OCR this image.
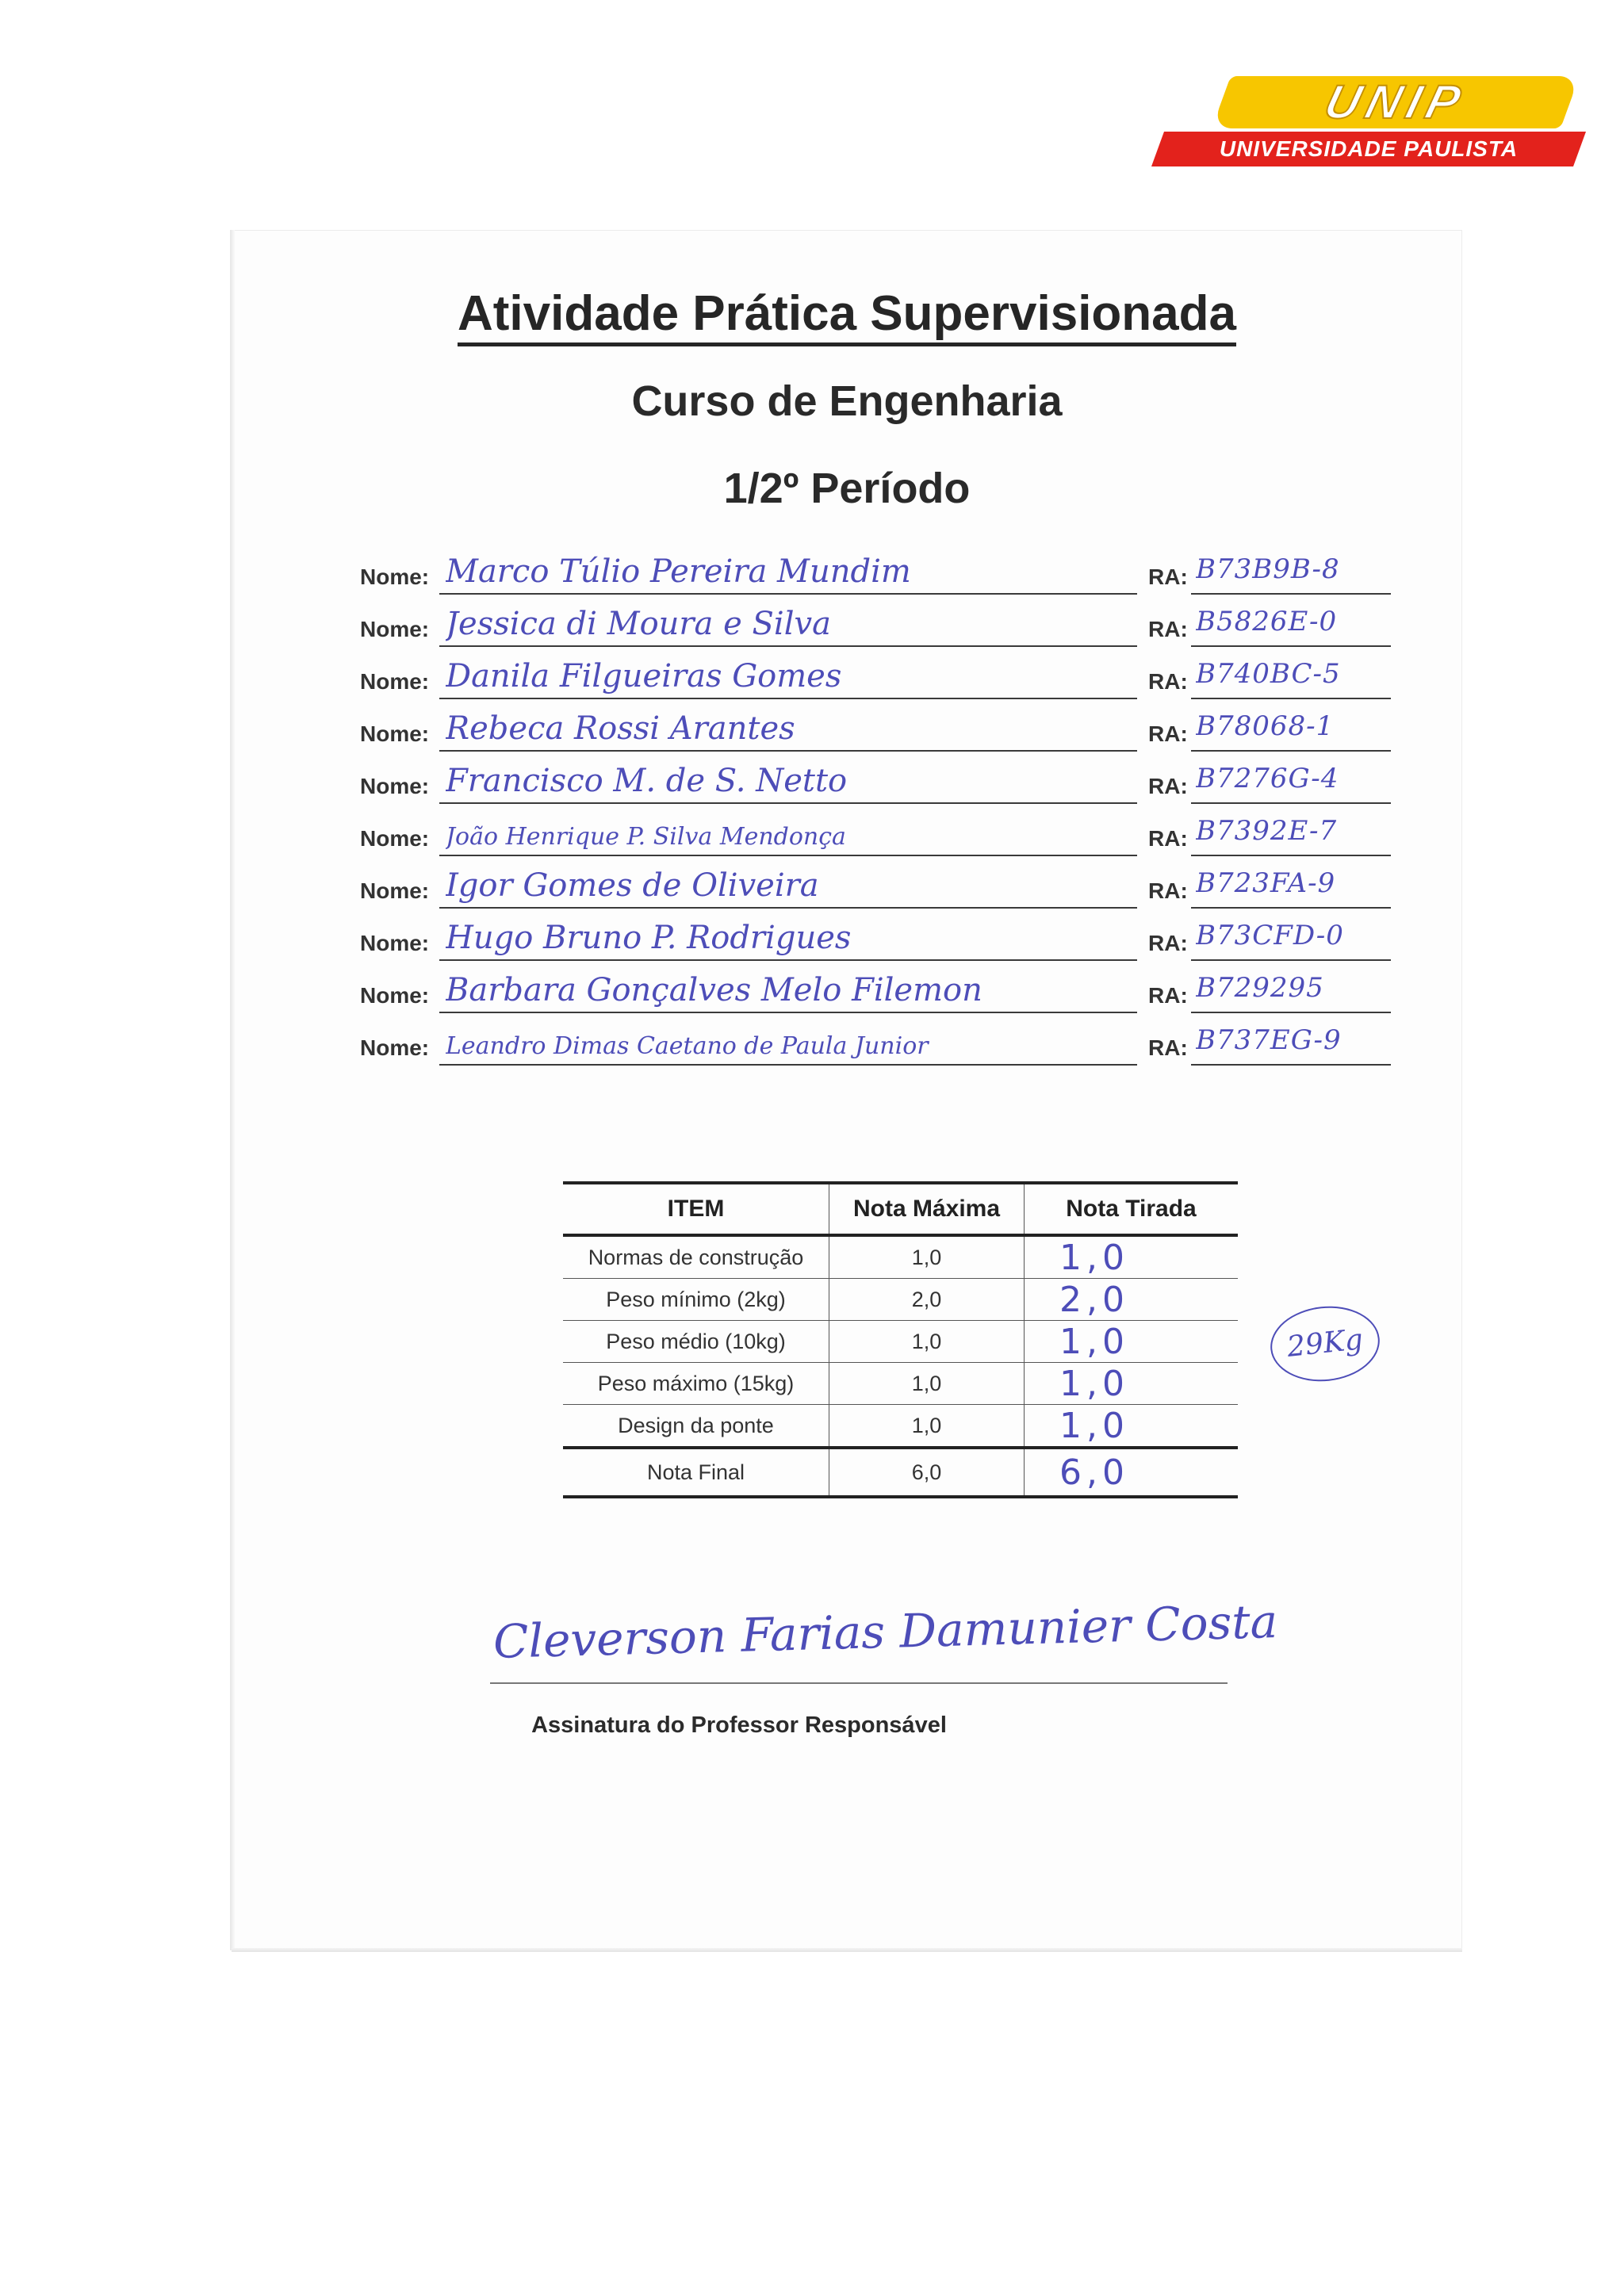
UNIP
UNIVERSIDADE PAULISTA
Atividade Prática Supervisionada
Curso de Engenharia
1/2º Período
Nome: Marco Túlio Pereira Mundim	RA: B73B9B-8
Nome: Jessica di Moura e Silva	RA: B5826E-0
Nome: Danila Filgueiras Gomes	RA: B740BC-5
Nome: Rebeca Rossi Arantes	RA: B78068-1
Nome: Francisco M. de S. Netto	RA: B7276G-4
Nome: João Henrique P. Silva Mendonça	RA: B7392E-7
Nome: Igor Gomes de Oliveira	RA: B723FA-9
Nome: Hugo Bruno P. Rodrigues	RA: B73CFD-0
Nome: Barbara Gonçalves Melo Filemon	RA: B729295
Nome: Leandro Dimas Caetano de Paula Junior	RA: B737EG-9
ITEM	Nota Máxima	Nota Tirada
Normas de construção	1,0	1,0
Peso mínimo (2kg)	2,0	2,0
Peso médio (10kg)	1,0	1,0
Peso máximo (15kg)	1,0	1,0
Design da ponte	1,0	1,0
Nota Final	6,0	6,0
29Kg
Cleverson Farias Damunier Costa
Assinatura do Professor Responsável
